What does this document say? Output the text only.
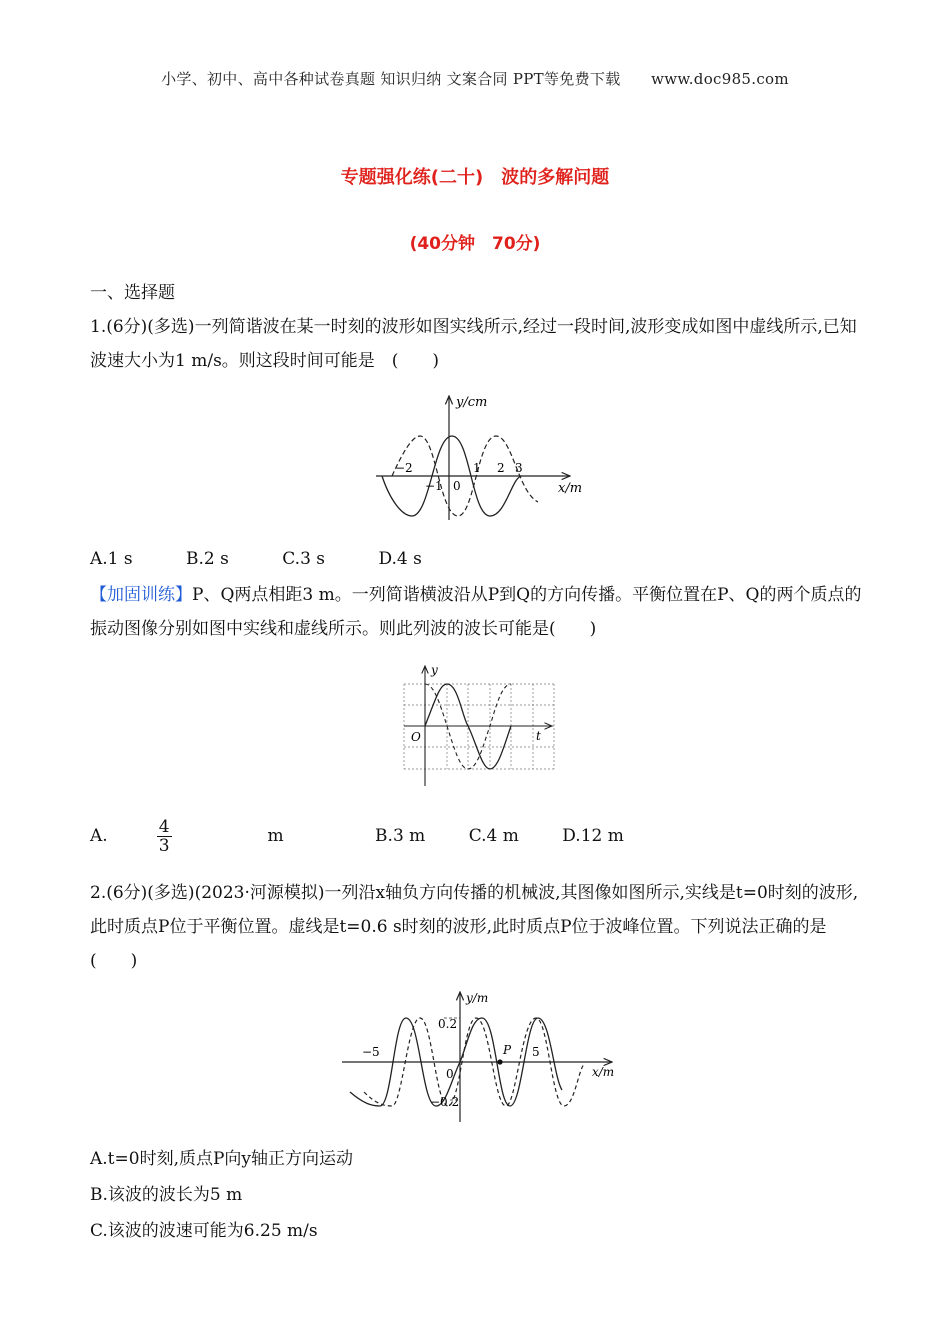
小学、初中、高中各种试卷真题 知识归纳 文案合同 PPT等免费下载　　www.doc985.com
专题强化练(二十)　波的多解问题
(40分钟　70分)
一、选择题
1.(6分)(多选)一列简谐波在某一时刻的波形如图实线所示,经过一段时间,波形变成如图中虚线所示,已知波速大小为1 m/s。则这段时间可能是　(　　)
y/cm
x/m
−2
−1 0
1 2 3
A.1 s	B.2 s	C.3 s	D.4 s
【加固训练】P、Q两点相距3 m。一列简谐横波沿从P到Q的方向传播。平衡位置在P、Q的两个质点的振动图像分别如图中实线和虚线所示。则此列波的波长可能是(　　)
y
t
O
A.	$\frac{4}{3}$	m	B.3 m	C.4 m	D.12 m
2.(6分)(多选)(2023·河源模拟)一列沿x轴负方向传播的机械波,其图像如图所示,实线是t=0时刻的波形,此时质点P位于平衡位置。虚线是t=0.6 s时刻的波形,此时质点P位于波峰位置。下列说法正确的是　(　　)
y/m
x/m
0.2
−0.2
−5
0
5
P
A.t=0时刻,质点P向y轴正方向运动
B.该波的波长为5 m
C.该波的波速可能为6.25 m/s
